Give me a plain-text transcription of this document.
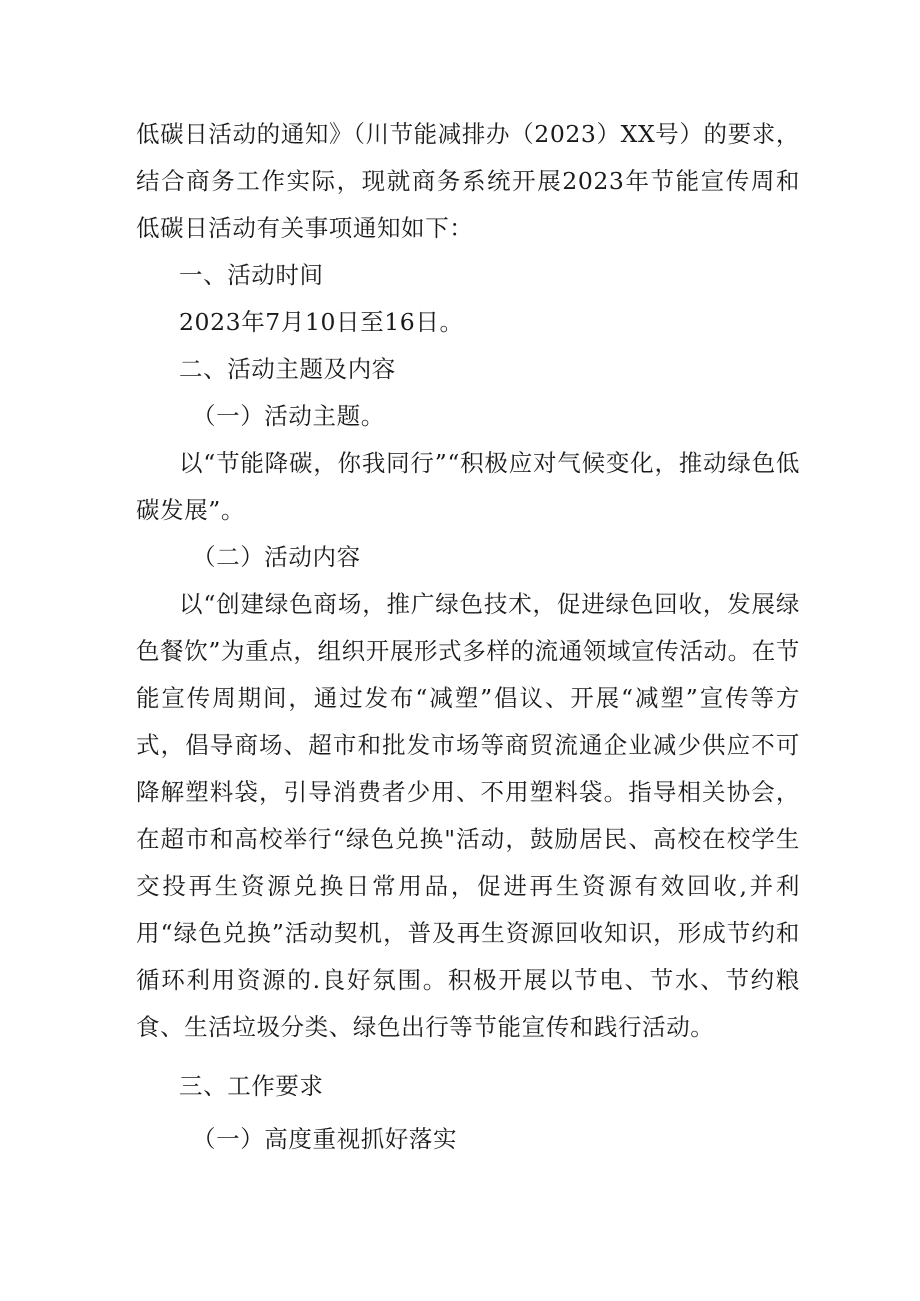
低碳日活动的通知》（川节能减排办（2023）XX号）的要求，结合商务工作实际，现就商务系统开展2023年节能宣传周和低碳日活动有关事项通知如下：

一、活动时间

2023年7月10日至16日。

二、活动主题及内容

（一）活动主题。

以“节能降碳，你我同行”“积极应对气候变化，推动绿色低碳发展”。

（二）活动内容

以“创建绿色商场，推广绿色技术，促进绿色回收，发展绿色餐饮”为重点，组织开展形式多样的流通领域宣传活动。在节能宣传周期间，通过发布“减塑”倡议、开展“减塑”宣传等方式，倡导商场、超市和批发市场等商贸流通企业减少供应不可降解塑料袋，引导消费者少用、不用塑料袋。指导相关协会，在超市和高校举行“绿色兑换"活动，鼓励居民、高校在校学生交投再生资源兑换日常用品，促进再生资源有效回收,并利用“绿色兑换”活动契机，普及再生资源回收知识，形成节约和循环利用资源的.良好氛围。积极开展以节电、节水、节约粮食、生活垃圾分类、绿色出行等节能宣传和践行活动。

三、工作要求

（一）高度重视抓好落实
